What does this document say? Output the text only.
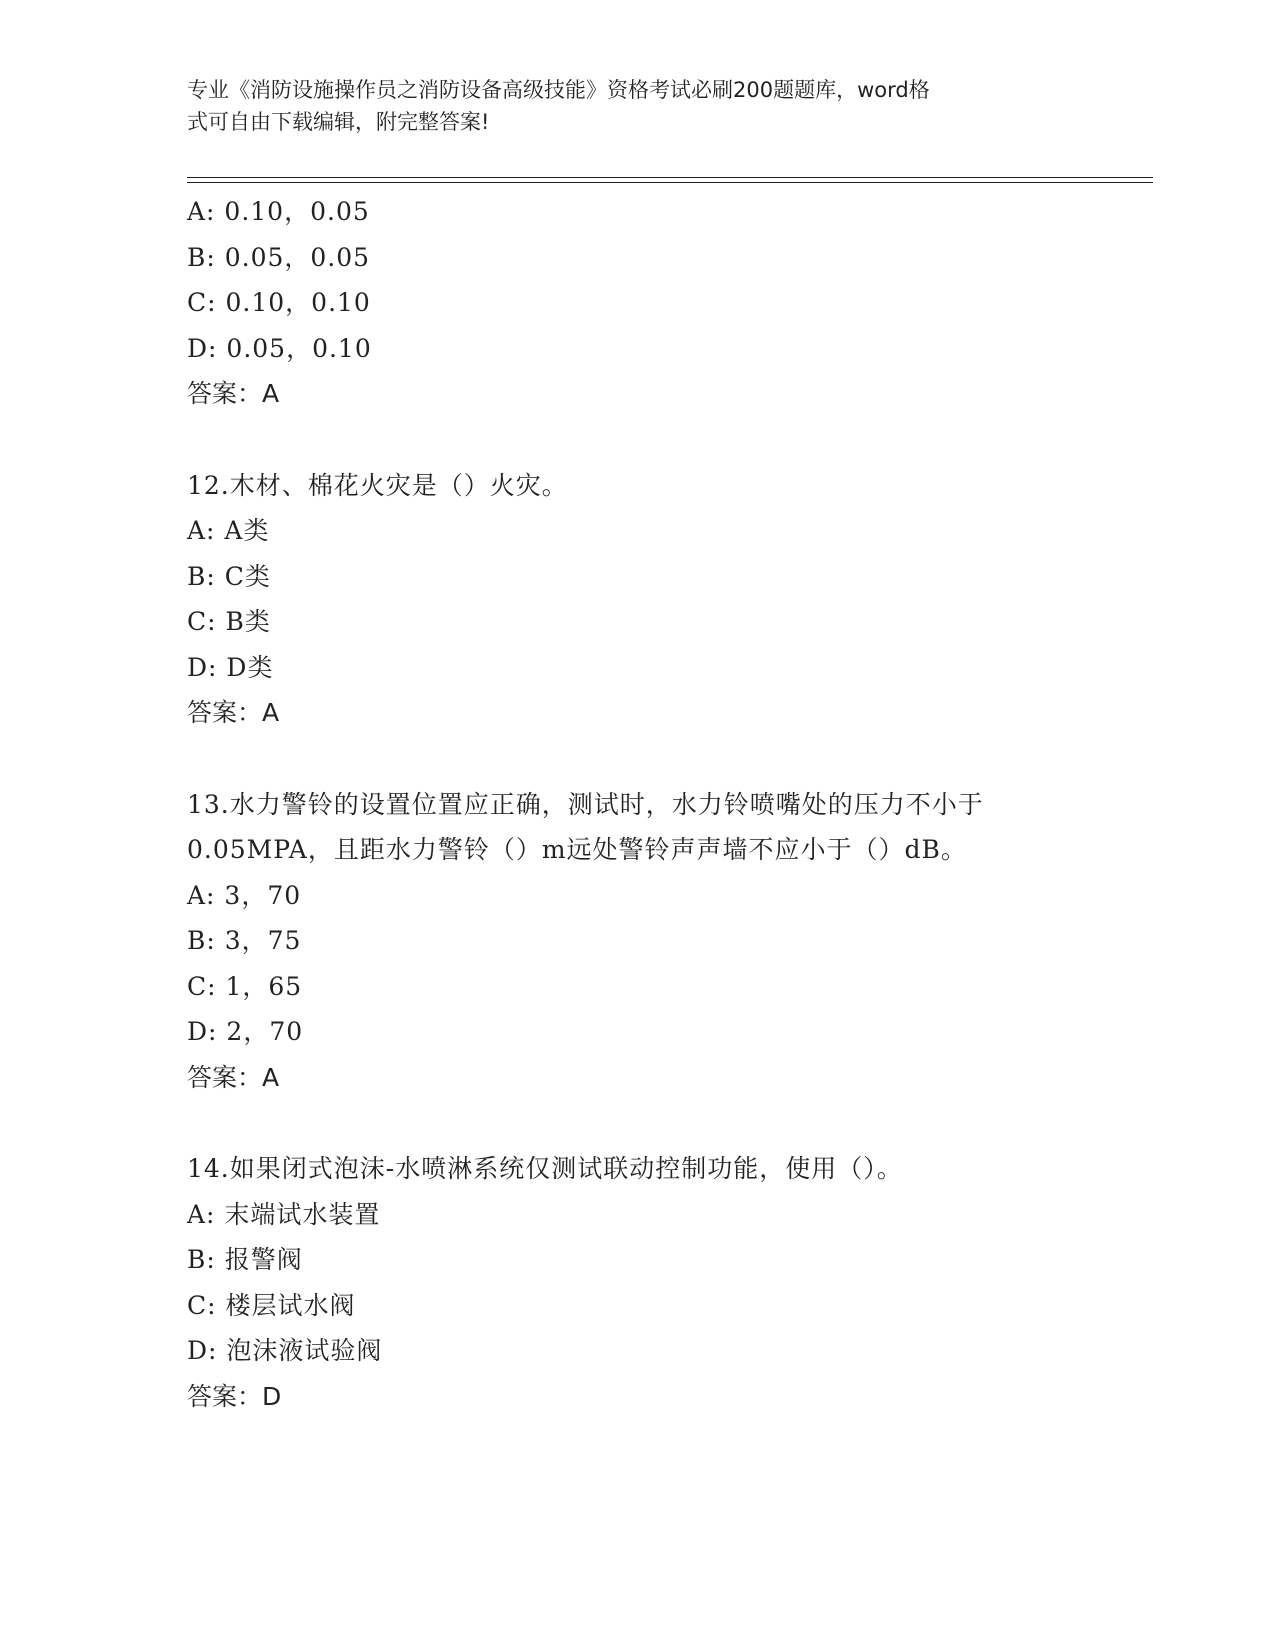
专业《消防设施操作员之消防设备高级技能》资格考试必刷200题题库，word格
式可自由下载编辑，附完整答案!
A: 0.10，0.05
B: 0.05，0.05
C: 0.10，0.10
D: 0.05，0.10
答案：A
12.木材、棉花火灾是（）火灾。
A: A类
B: C类
C: B类
D: D类
答案：A
13.水力警铃的设置位置应正确，测试时，水力铃喷嘴处的压力不小于
0.05MPA，且距水力警铃（）m远处警铃声声墙不应小于（）dB。
A: 3，70
B: 3，75
C: 1，65
D: 2，70
答案：A
14.如果闭式泡沫-水喷淋系统仅测试联动控制功能，使用（）。
A: 末端试水装置
B: 报警阀
C: 楼层试水阀
D: 泡沫液试验阀
答案：D
